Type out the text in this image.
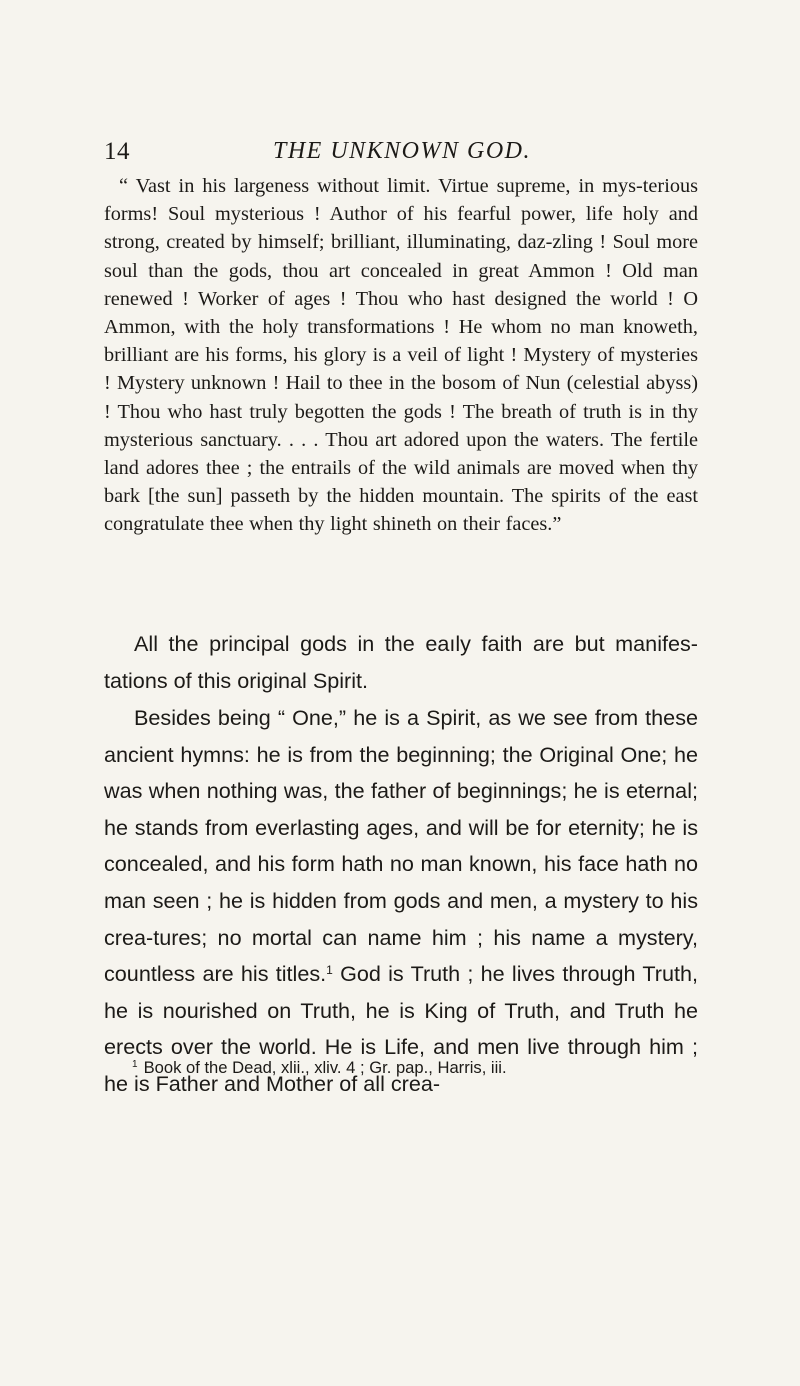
14	THE UNKNOWN GOD.

“ Vast in his largeness without limit. Virtue supreme, in mys-terious forms! Soul mysterious ! Author of his fearful power, life holy and strong, created by himself; brilliant, illuminating, daz-zling ! Soul more soul than the gods, thou art concealed in great Ammon ! Old man renewed ! Worker of ages ! Thou who hast designed the world ! O Ammon, with the holy transformations ! He whom no man knoweth, brilliant are his forms, his glory is a veil of light ! Mystery of mysteries ! Mystery unknown ! Hail to thee in the bosom of Nun (celestial abyss) ! Thou who hast truly begotten the gods ! The breath of truth is in thy mysterious sanctuary. . . . Thou art adored upon the waters. The fertile land adores thee ; the entrails of the wild animals are moved when thy bark [the sun] passeth by the hidden mountain. The spirits of the east congratulate thee when thy light shineth on their faces.”

All the principal gods in the eaıly faith are but manifes-tations of this original Spirit.

Besides being “ One,” he is a Spirit, as we see from these ancient hymns: he is from the beginning; the Original One; he was when nothing was, the father of beginnings; he is eternal; he stands from everlasting ages, and will be for eternity; he is concealed, and his form hath no man known, his face hath no man seen ; he is hidden from gods and men, a mystery to his crea-tures; no mortal can name him ; his name a mystery, countless are his titles.$^1$ God is Truth ; he lives through Truth, he is nourished on Truth, he is King of Truth, and Truth he erects over the world. He is Life, and men live through him ; he is Father and Mother of all crea-

$^1$ Book of the Dead, xlii., xliv. 4 ; Gr. pap., Harris, iii.
